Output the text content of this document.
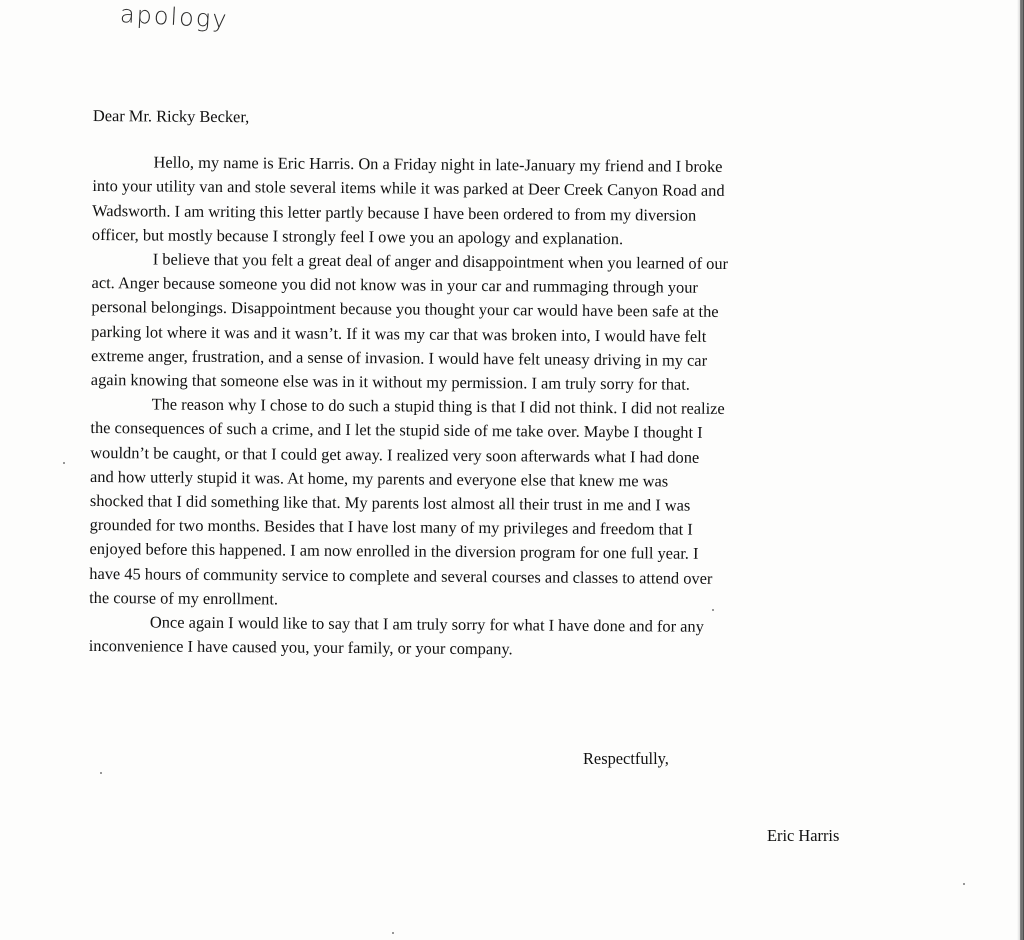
apology
Dear Mr. Ricky Becker,
Hello, my name is Eric Harris. On a Friday night in late-January my friend and I broke
into your utility van and stole several items while it was parked at Deer Creek Canyon Road and
Wadsworth. I am writing this letter partly because I have been ordered to from my diversion
officer, but mostly because I strongly feel I owe you an apology and explanation.
I believe that you felt a great deal of anger and disappointment when you learned of our
act. Anger because someone you did not know was in your car and rummaging through your
personal belongings. Disappointment because you thought your car would have been safe at the
parking lot where it was and it wasn’t. If it was my car that was broken into, I would have felt
extreme anger, frustration, and a sense of invasion. I would have felt uneasy driving in my car
again knowing that someone else was in it without my permission. I am truly sorry for that.
The reason why I chose to do such a stupid thing is that I did not think. I did not realize
the consequences of such a crime, and I let the stupid side of me take over. Maybe I thought I
wouldn’t be caught, or that I could get away. I realized very soon afterwards what I had done
and how utterly stupid it was. At home, my parents and everyone else that knew me was
shocked that I did something like that. My parents lost almost all their trust in me and I was
grounded for two months. Besides that I have lost many of my privileges and freedom that I
enjoyed before this happened. I am now enrolled in the diversion program for one full year. I
have 45 hours of community service to complete and several courses and classes to attend over
the course of my enrollment.
Once again I would like to say that I am truly sorry for what I have done and for any
inconvenience I have caused you, your family, or your company.
Respectfully,
Eric Harris
